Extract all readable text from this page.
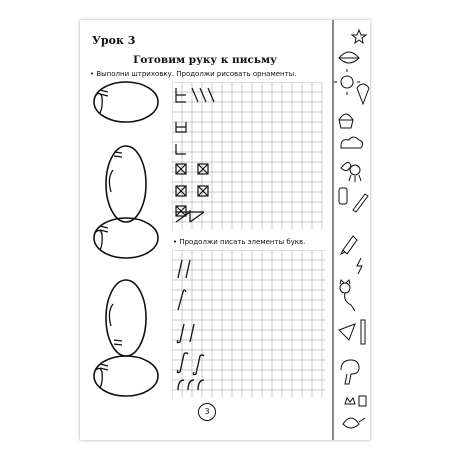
Урок 3
Готовим руку к письму
• Выполни штриховку. Продолжи рисовать орнаменты.
• Продолжи писать элементы букв.
3
